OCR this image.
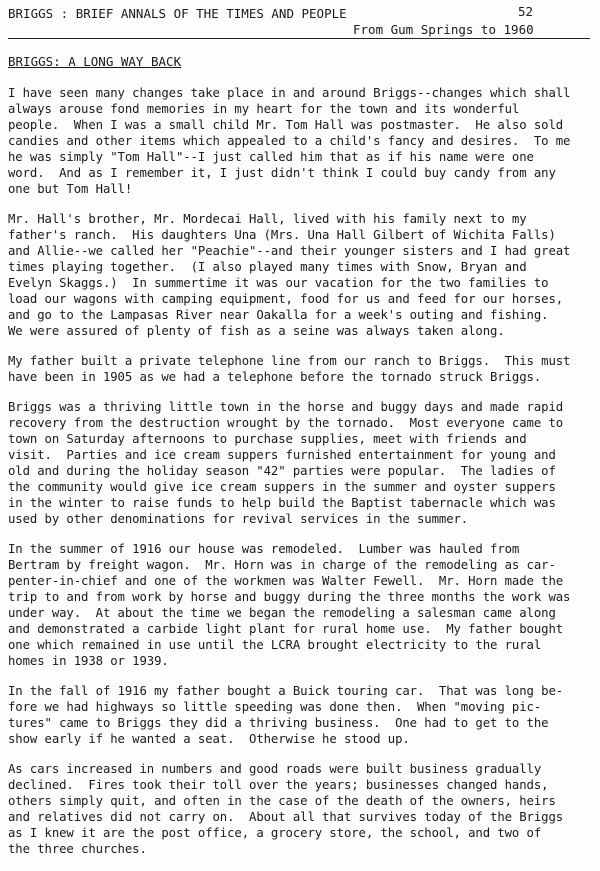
BRIGGS : BRIEF ANNALS OF THE TIMES AND PEOPLE	52
From Gum Springs to 1960
BRIGGS: A LONG WAY BACK

I have seen many changes take place in and around Briggs--changes which shall
always arouse fond memories in my heart for the town and its wonderful
people.  When I was a small child Mr. Tom Hall was postmaster.  He also sold
candies and other items which appealed to a child's fancy and desires.  To me
he was simply "Tom Hall"--I just called him that as if his name were one
word.  And as I remember it, I just didn't think I could buy candy from any
one but Tom Hall!

Mr. Hall's brother, Mr. Mordecai Hall, lived with his family next to my
father's ranch.  His daughters Una (Mrs. Una Hall Gilbert of Wichita Falls)
and Allie--we called her "Peachie"--and their younger sisters and I had great
times playing together.  (I also played many times with Snow, Bryan and
Evelyn Skaggs.)  In summertime it was our vacation for the two families to
load our wagons with camping equipment, food for us and feed for our horses,
and go to the Lampasas River near Oakalla for a week's outing and fishing.
We were assured of plenty of fish as a seine was always taken along.

My father built a private telephone line from our ranch to Briggs.  This must
have been in 1905 as we had a telephone before the tornado struck Briggs.

Briggs was a thriving little town in the horse and buggy days and made rapid
recovery from the destruction wrought by the tornado.  Most everyone came to
town on Saturday afternoons to purchase supplies, meet with friends and
visit.  Parties and ice cream suppers furnished entertainment for young and
old and during the holiday season "42" parties were popular.  The ladies of
the community would give ice cream suppers in the summer and oyster suppers
in the winter to raise funds to help build the Baptist tabernacle which was
used by other denominations for revival services in the summer.

In the summer of 1916 our house was remodeled.  Lumber was hauled from
Bertram by freight wagon.  Mr. Horn was in charge of the remodeling as car-
penter-in-chief and one of the workmen was Walter Fewell.  Mr. Horn made the
trip to and from work by horse and buggy during the three months the work was
under way.  At about the time we began the remodeling a salesman came along
and demonstrated a carbide light plant for rural home use.  My father bought
one which remained in use until the LCRA brought electricity to the rural
homes in 1938 or 1939.

In the fall of 1916 my father bought a Buick touring car.  That was long be-
fore we had highways so little speeding was done then.  When "moving pic-
tures" came to Briggs they did a thriving business.  One had to get to the
show early if he wanted a seat.  Otherwise he stood up.

As cars increased in numbers and good roads were built business gradually
declined.  Fires took their toll over the years; businesses changed hands,
others simply quit, and often in the case of the death of the owners, heirs
and relatives did not carry on.  About all that survives today of the Briggs
as I knew it are the post office, a grocery store, the school, and two of
the three churches.
